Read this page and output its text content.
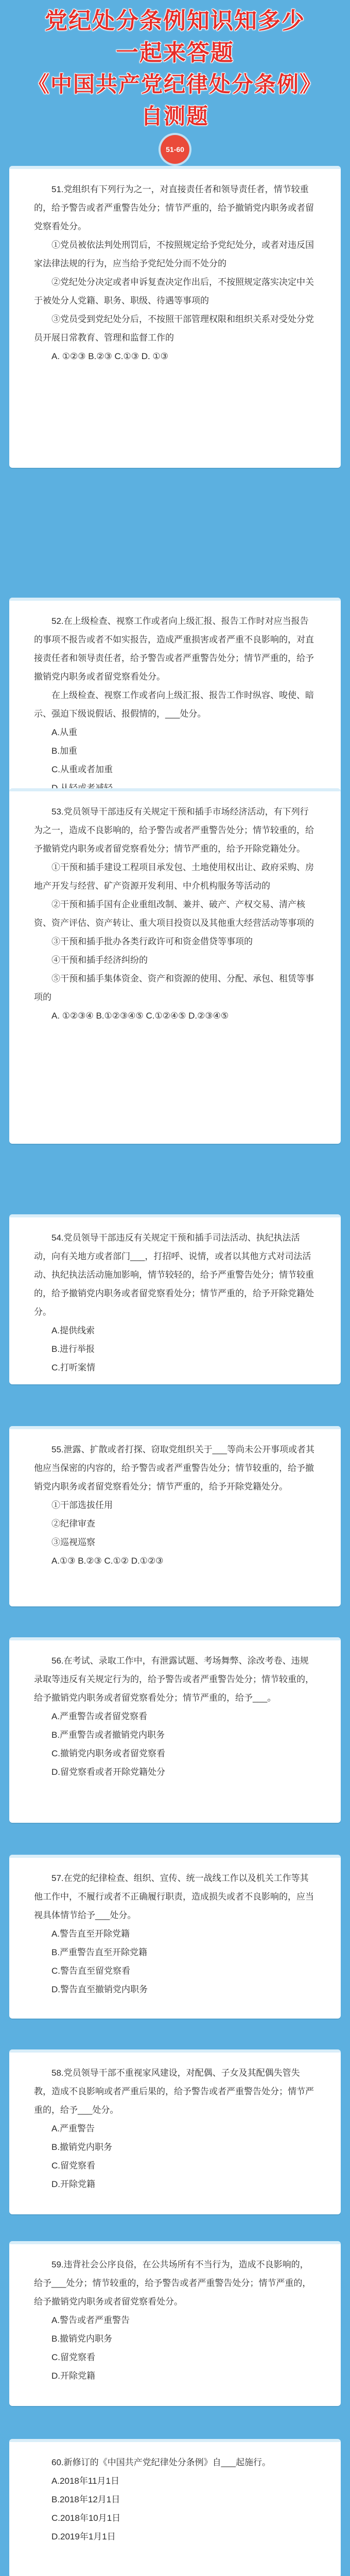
党纪处分条例知识知多少
一起来答题
《中国共产党纪律处分条例》
自测题
51-60

51.党组织有下列行为之一，对直接责任者和领导责任者，情节较重的，给予警告或者严重警告处分；情节严重的，给予撤销党内职务或者留党察看处分。

①党员被依法判处刑罚后，不按照规定给予党纪处分，或者对违反国家法律法规的行为，应当给予党纪处分而不处分的

②党纪处分决定或者申诉复查决定作出后，不按照规定落实决定中关于被处分人党籍、职务、职级、待遇等事项的

③党员受到党纪处分后，不按照干部管理权限和组织关系对受处分党员开展日常教育、管理和监督工作的

A. ①②③ B.②③ C.①③ D. ①③

52.在上级检查、视察工作或者向上级汇报、报告工作时对应当报告的事项不报告或者不如实报告，造成严重损害或者严重不良影响的，对直接责任者和领导责任者，给予警告或者严重警告处分；情节严重的，给予撤销党内职务或者留党察看处分。

在上级检查、视察工作或者向上级汇报、报告工作时纵容、唆使、暗示、强迫下级说假话、报假情的，___处分。

A.从重

B.加重

C.从重或者加重

53.党员领导干部违反有关规定干预和插手市场经济活动，有下列行为之一，造成不良影响的，给予警告或者严重警告处分；情节较重的，给予撤销党内职务或者留党察看处分；情节严重的，给予开除党籍处分。

①干预和插手建设工程项目承发包、土地使用权出让、政府采购、房地产开发与经营、矿产资源开发利用、中介机构服务等活动的

②干预和插手国有企业重组改制、兼并、破产、产权交易、清产核资、资产评估、资产转让、重大项目投资以及其他重大经营活动等事项的

③干预和插手批办各类行政许可和资金借贷等事项的

④干预和插手经济纠纷的

⑤干预和插手集体资金、资产和资源的使用、分配、承包、租赁等事项的

A. ①②③④ B.①②③④⑤ C.①②④⑤ D.②③④⑤

54.党员领导干部违反有关规定干预和插手司法活动、执纪执法活动，向有关地方或者部门___，打招呼、说情，或者以其他方式对司法活动、执纪执法活动施加影响，情节较轻的，给予严重警告处分；情节较重的，给予撤销党内职务或者留党察看处分；情节严重的，给予开除党籍处分。

A.提供线索

B.进行举报

C.打听案情

55.泄露、扩散或者打探、窃取党组织关于___等尚未公开事项或者其他应当保密的内容的，给予警告或者严重警告处分；情节较重的，给予撤销党内职务或者留党察看处分；情节严重的，给予开除党籍处分。

①干部选拔任用

②纪律审查

③巡视巡察

A.①③ B.②③ C.①② D.①②③

56.在考试、录取工作中，有泄露试题、考场舞弊、涂改考卷、违规录取等违反有关规定行为的，给予警告或者严重警告处分；情节较重的，给予撤销党内职务或者留党察看处分；情节严重的，给予___。

A.严重警告或者留党察看

B.严重警告或者撤销党内职务

C.撤销党内职务或者留党察看

D.留党察看或者开除党籍处分

57.在党的纪律检查、组织、宣传、统一战线工作以及机关工作等其他工作中，不履行或者不正确履行职责，造成损失或者不良影响的，应当视具体情节给予___处分。

A.警告直至开除党籍

B.严重警告直至开除党籍

C.警告直至留党察看

D.警告直至撤销党内职务

58.党员领导干部不重视家风建设，对配偶、子女及其配偶失管失教，造成不良影响或者严重后果的，给予警告或者严重警告处分；情节严重的，给予___处分。

A.严重警告

B.撤销党内职务

C.留党察看

D.开除党籍

59.违背社会公序良俗，在公共场所有不当行为，造成不良影响的，给予___处分；情节较重的，给予警告或者严重警告处分；情节严重的，给予撤销党内职务或者留党察看处分。

A.警告或者严重警告

B.撤销党内职务

C.留党察看

D.开除党籍

60.新修订的《中国共产党纪律处分条例》自___起施行。

A.2018年11月1日

B.2018年12月1日

C.2018年10月1日

D.2019年1月1日
